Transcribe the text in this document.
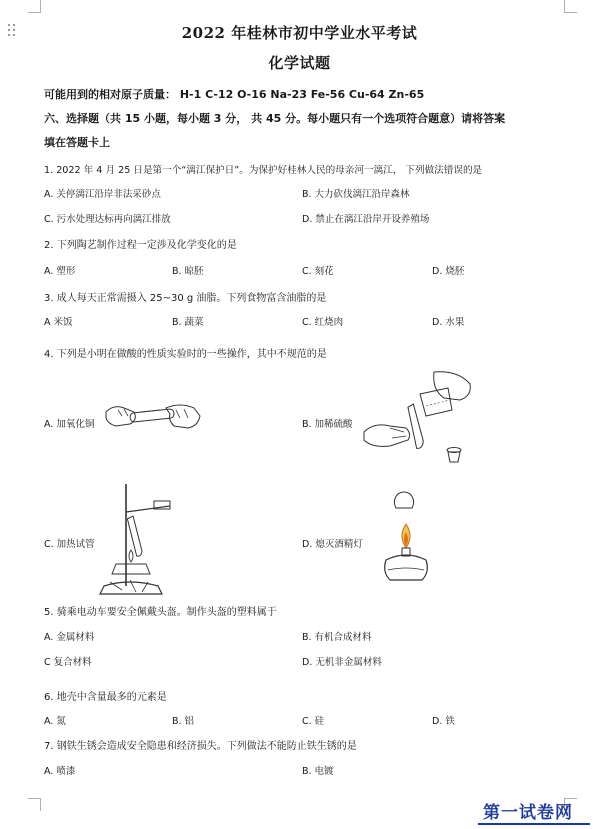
2022 年桂林市初中学业水平考试
化学试题
可能用到的相对原子质量： H-1 C-12 O-16 Na-23 Fe-56 Cu-64 Zn-65
六、选择题（共 15 小题，每小题 3 分， 共 45 分。每小题只有一个选项符合题意）请将答案
填在答题卡上
1. 2022 年 4 月 25 日是第一个“漓江保护日”。为保护好桂林人民的母亲河一漓江， 下列做法错误的是
A. 关停漓江沿岸非法采砂点	B. 大力砍伐漓江沿岸森林
C. 污水处理达标再向漓江排放	D. 禁止在漓江沿岸开设养殖场
2. 下列陶艺制作过程一定涉及化学变化的是
A. 塑形	B. 晾胚	C. 刻花	D. 烧胚
3. 成人每天正常需摄入 25~30 g 油脂。下列食物富含油脂的是
A 米饭	B. 蔬菜	C. 红烧肉	D. 水果
4. 下列是小明在做酸的性质实验时的一些操作，其中不规范的是
A. 加氧化铜	B. 加稀硫酸
C. 加热试管	D. 熄灭酒精灯
5. 骑乘电动车要安全佩戴头盔。制作头盔的塑料属于
A. 金属材料	B. 有机合成材料
C 复合材料	D. 无机非金属材料
6. 地壳中含量最多的元素是
A. 氮	B. 铝	C. 硅	D. 铁
7. 钢铁生锈会造成安全隐患和经济损失。下列做法不能防止铁生锈的是
A. 喷漆	B. 电镀
第一试卷网
